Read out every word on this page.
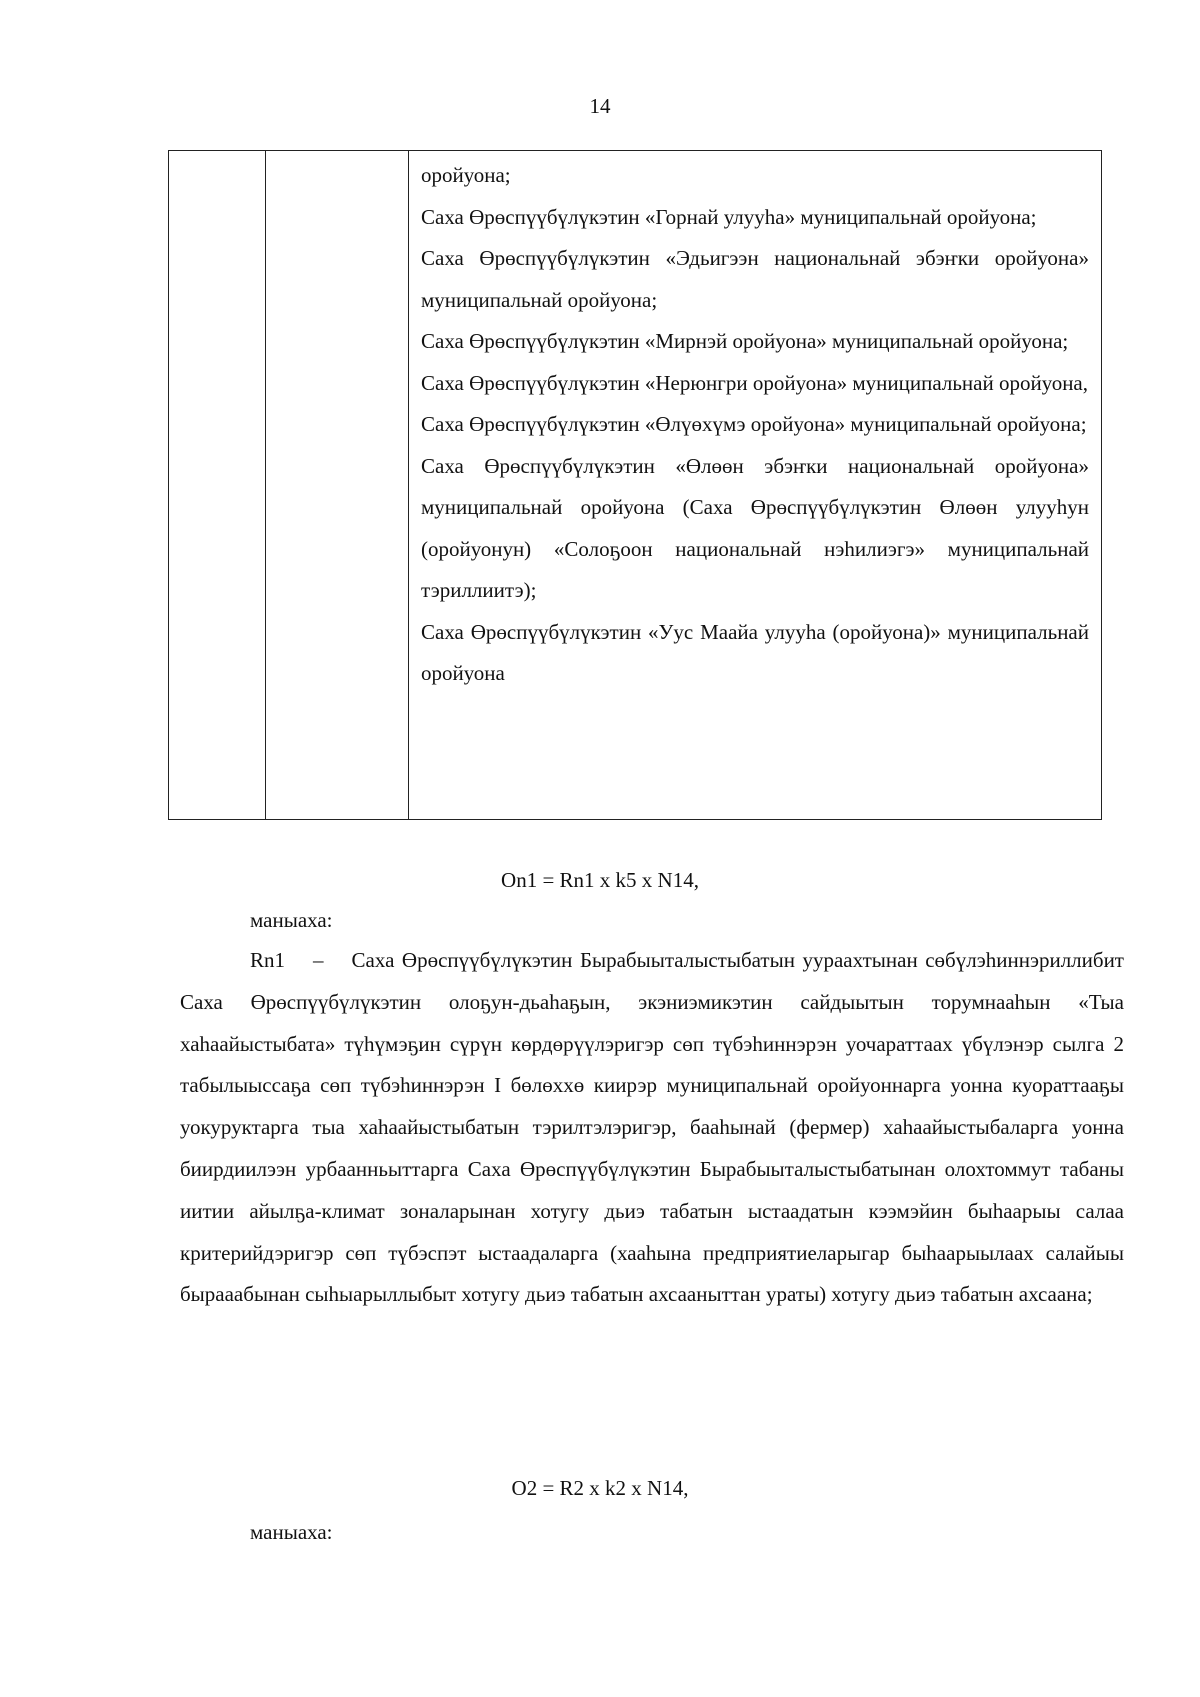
14

оройуона;

Саха Өрөспүүбүлүкэтин «Горнай улууһа» муниципальнай оройуона;

Саха Өрөспүүбүлүкэтин «Эдьигээн национальнай эбэҥки оройуона» муниципальнай оройуона;

Саха Өрөспүүбүлүкэтин «Мирнэй оройуона» муниципальнай оройуона;

Саха Өрөспүүбүлүкэтин «Нерюнгри оройуона» муниципальнай оройуона,

Саха Өрөспүүбүлүкэтин «Өлүөхүмэ оройуона» муниципальнай оройуона;

Саха Өрөспүүбүлүкэтин «Өлөөн эбэҥки национальнай оройуона» муниципальнай оройуона (Саха Өрөспүүбүлүкэтин Өлөөн улууһун (оройуонун) «Солоҕоон национальнай нэһилиэгэ» муниципальнай тэриллиитэ);

Саха Өрөспүүбүлүкэтин «Уус Маайа улууһа (оройуона)» муниципальнай оройуона

On1 = Rn1 x k5 x N14,
маныаха:

Rn1 – Саха Өрөспүүбүлүкэтин Бырабыыталыстыбатын уураахтынан сөбүлэһиннэриллибит Саха Өрөспүүбүлүкэтин олоҕун-дьаһаҕын, экэниэмикэтин сайдыытын торумнааһын «Тыа хаһаайыстыбата» түһүмэҕин сүрүн көрдөрүүлэригэр сөп түбэһиннэрэн уочараттаах үбүлэнэр сылга 2 табылыыссаҕа сөп түбэһиннэрэн I бөлөххө киирэр муниципальнай оройуоннарга уонна куораттааҕы уокуруктарга тыа хаһаайыстыбатын тэрилтэлэригэр, бааһынай (фермер) хаһаайыстыбаларга уонна биирдиилээн урбаанньыттарга Саха Өрөспүүбүлүкэтин Бырабыыталыстыбатынан олохтоммут табаны иитии айылҕа-климат зоналарынан хотугу дьиэ табатын ыстаадатын кээмэйин быһаарыы салаа критерийдэригэр сөп түбэспэт ыстаадаларга (хааһына предприятиеларыгар быһаарыылаах салайыы бырааабынан сыһыарыллыбыт хотугу дьиэ табатын ахсааныттан ураты) хотугу дьиэ табатын ахсаана;

O2 = R2 x k2 x N14,
маныаха:
